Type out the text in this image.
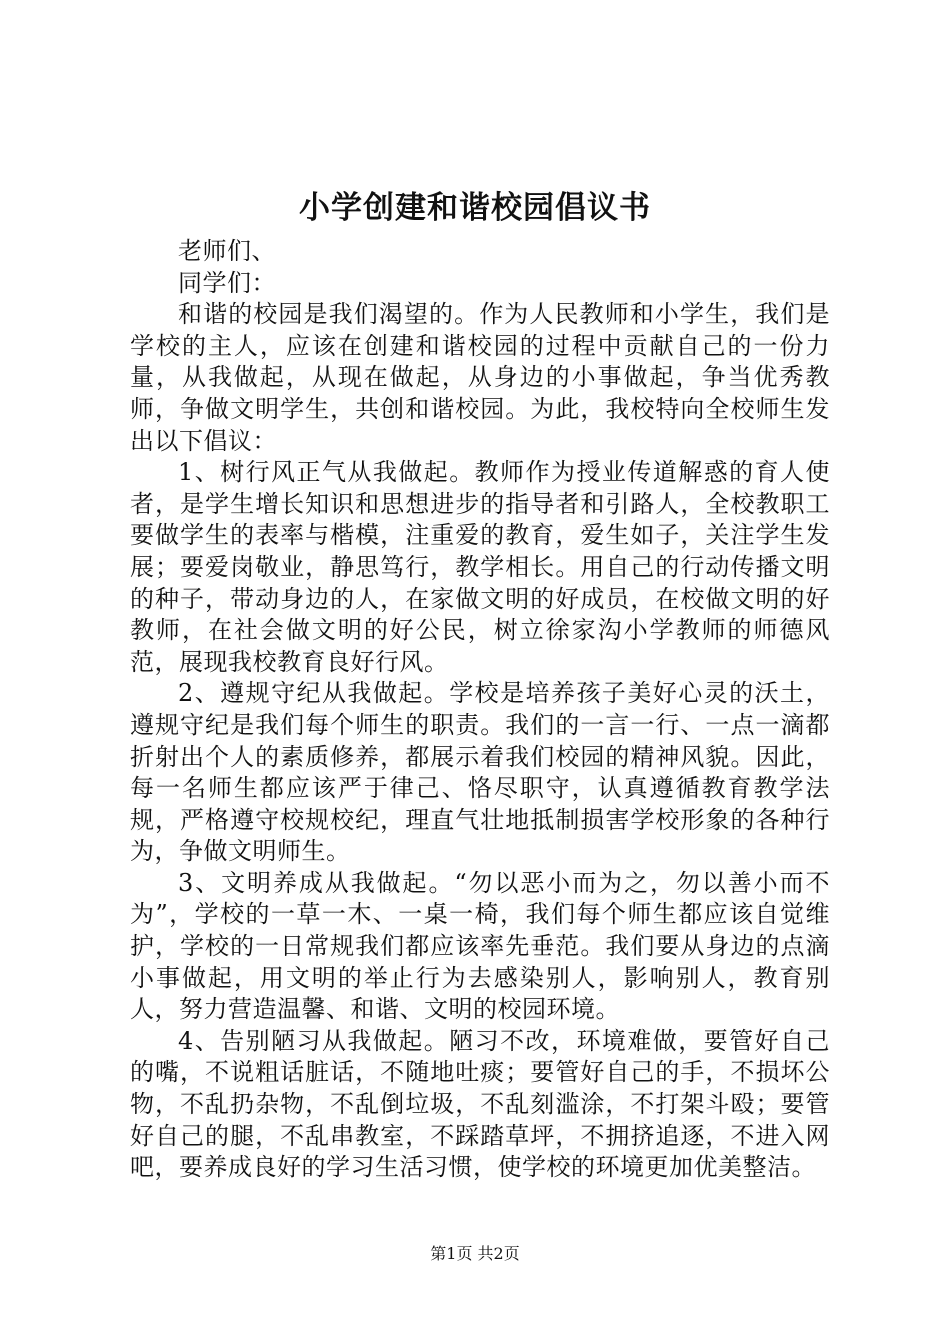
小学创建和谐校园倡议书

老师们、

同学们：

和谐的校园是我们渴望的。作为人民教师和小学生，我们是学校的主人，应该在创建和谐校园的过程中贡献自己的一份力量，从我做起，从现在做起，从身边的小事做起，争当优秀教师，争做文明学生，共创和谐校园。为此，我校特向全校师生发出以下倡议：

1、树行风正气从我做起。教师作为授业传道解惑的育人使者，是学生增长知识和思想进步的指导者和引路人，全校教职工要做学生的表率与楷模，注重爱的教育，爱生如子，关注学生发展；要爱岗敬业，静思笃行，教学相长。用自己的行动传播文明的种子，带动身边的人，在家做文明的好成员，在校做文明的好教师，在社会做文明的好公民，树立徐家沟小学教师的师德风范，展现我校教育良好行风。

2、遵规守纪从我做起。学校是培养孩子美好心灵的沃土，遵规守纪是我们每个师生的职责。我们的一言一行、一点一滴都折射出个人的素质修养，都展示着我们校园的精神风貌。因此，每一名师生都应该严于律己、恪尽职守，认真遵循教育教学法规，严格遵守校规校纪，理直气壮地抵制损害学校形象的各种行为，争做文明师生。

3、文明养成从我做起。“勿以恶小而为之，勿以善小而不为”，学校的一草一木、一桌一椅，我们每个师生都应该自觉维护，学校的一日常规我们都应该率先垂范。我们要从身边的点滴小事做起，用文明的举止行为去感染别人，影响别人，教育别人，努力营造温馨、和谐、文明的校园环境。

4、告别陋习从我做起。陋习不改，环境难做，要管好自己的嘴，不说粗话脏话，不随地吐痰；要管好自己的手，不损坏公物，不乱扔杂物，不乱倒垃圾，不乱刻滥涂，不打架斗殴；要管好自己的腿，不乱串教室，不踩踏草坪，不拥挤追逐，不进入网吧，要养成良好的学习生活习惯，使学校的环境更加优美整洁。

第1页 共2页
